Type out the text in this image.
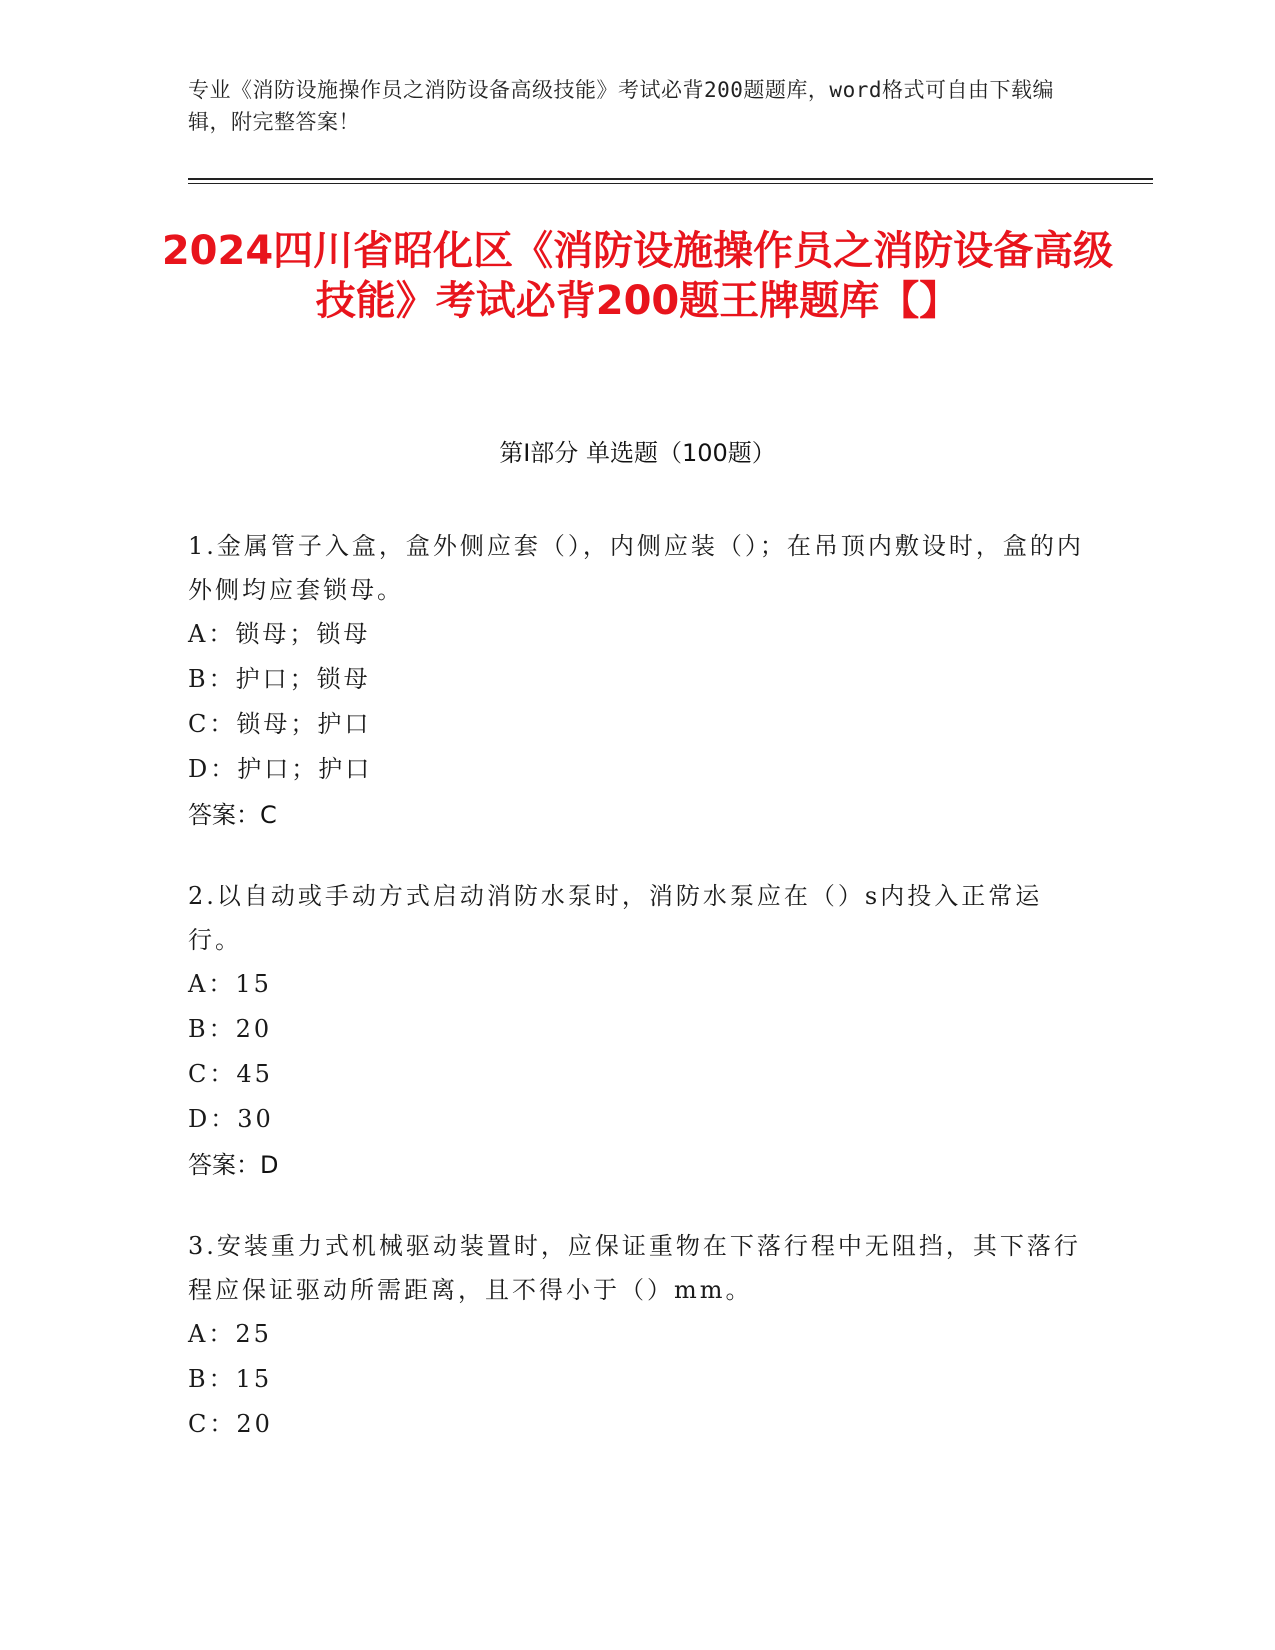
专业《消防设施操作员之消防设备高级技能》考试必背200题题库，word格式可自由下载编辑，附完整答案！
2024四川省昭化区《消防设施操作员之消防设备高级技能》考试必背200题王牌题库【】
第I部分 单选题（100题）
1.金属管子入盒，盒外侧应套（），内侧应装（）；在吊顶内敷设时，盒的内外侧均应套锁母。
A：锁母；锁母
B：护口；锁母
C：锁母；护口
D：护口；护口
答案：C
2.以自动或手动方式启动消防水泵时，消防水泵应在（）s内投入正常运行。
A：15
B：20
C：45
D：30
答案：D
3.安装重力式机械驱动装置时，应保证重物在下落行程中无阻挡，其下落行程应保证驱动所需距离，且不得小于（）mm。
A：25
B：15
C：20
